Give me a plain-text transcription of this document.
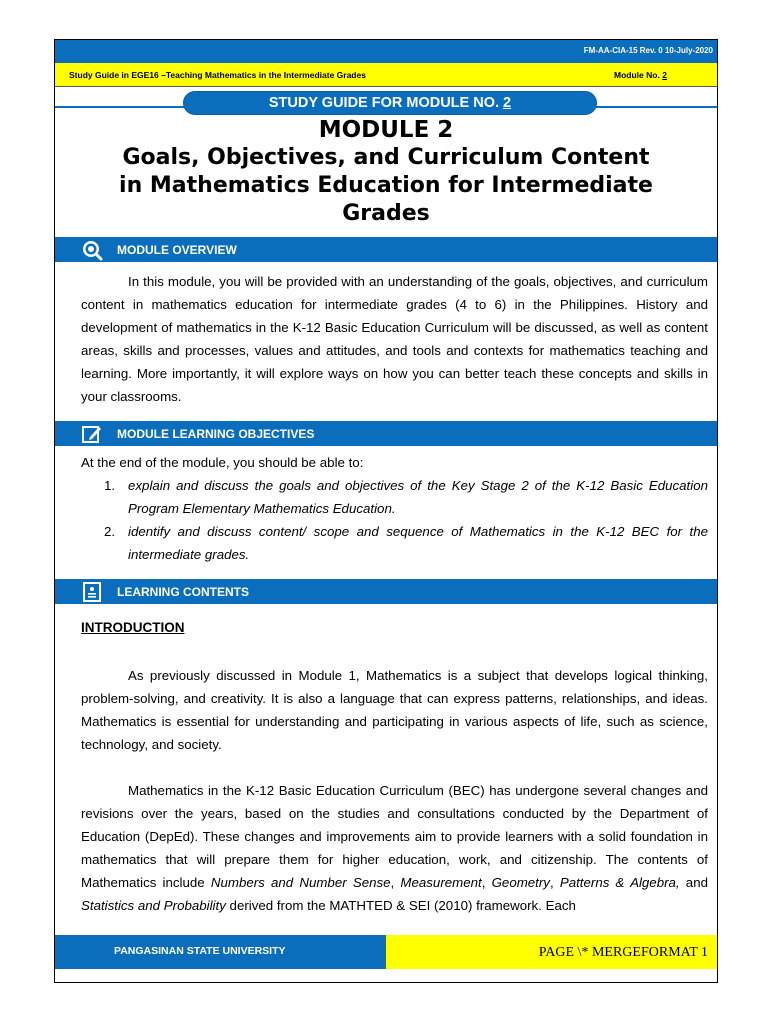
FM-AA-CIA-15 Rev. 0 10-July-2020
Study Guide in EGE16 –Teaching Mathematics in the Intermediate Grades	Module No. 2
STUDY GUIDE FOR MODULE NO. 2
MODULE 2
Goals, Objectives, and Curriculum Content
in Mathematics Education for Intermediate
Grades
MODULE OVERVIEW

In this module, you will be provided with an understanding of the goals, objectives, and curriculum content in mathematics education for intermediate grades (4 to 6) in the Philippines. History and development of mathematics in the K-12 Basic Education Curriculum will be discussed, as well as content areas, skills and processes, values and attitudes, and tools and contexts for mathematics teaching and learning. More importantly, it will explore ways on how you can better teach these concepts and skills in your classrooms.

MODULE LEARNING OBJECTIVES

At the end of the module, you should be able to:

1. explain and discuss the goals and objectives of the Key Stage 2 of the K-12 Basic Education Program Elementary Mathematics Education.
2. identify and discuss content/ scope and sequence of Mathematics in the K-12 BEC for the intermediate grades.
LEARNING CONTENTS
INTRODUCTION

As previously discussed in Module 1, Mathematics is a subject that develops logical thinking, problem-solving, and creativity. It is also a language that can express patterns, relationships, and ideas. Mathematics is essential for understanding and participating in various aspects of life, such as science, technology, and society.

Mathematics in the K-12 Basic Education Curriculum (BEC) has undergone several changes and revisions over the years, based on the studies and consultations conducted by the Department of Education (DepEd). These changes and improvements aim to provide learners with a solid foundation in mathematics that will prepare them for higher education, work, and citizenship. The contents of Mathematics include Numbers and Number Sense, Measurement, Geometry, Patterns & Algebra, and Statistics and Probability derived from the MATHTED & SEI (2010) framework. Each

PANGASINAN STATE UNIVERSITY	PAGE \* MERGEFORMAT 1
